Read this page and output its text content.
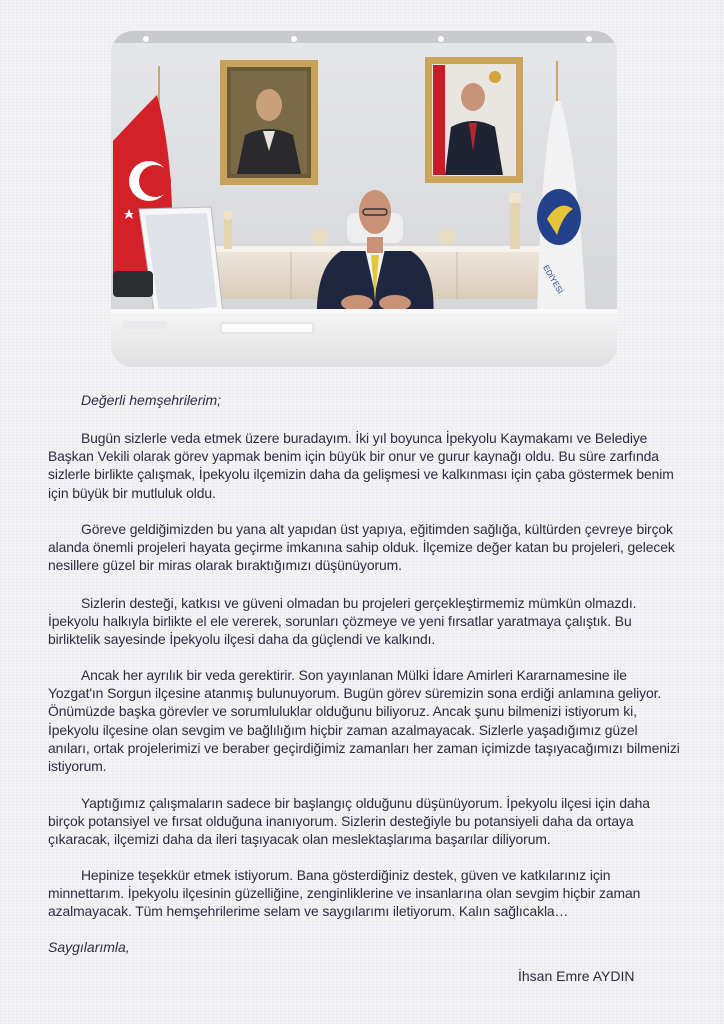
EDİYESİ
Değerli hemşehrilerim;

Bugün sizlerle veda etmek üzere buradayım. İki yıl boyunca İpekyolu Kaymakamı ve Belediye Başkan Vekili olarak görev yapmak benim için büyük bir onur ve gurur kaynağı oldu. Bu süre zarfında sizlerle birlikte çalışmak, İpekyolu ilçemizin daha da gelişmesi ve kalkınması için çaba göstermek benim için büyük bir mutluluk oldu.

Göreve geldiğimizden bu yana alt yapıdan üst yapıya, eğitimden sağlığa, kültürden çevreye birçok alanda önemli projeleri hayata geçirme imkanına sahip olduk. İlçemize değer katan bu projeleri, gelecek nesillere güzel bir miras olarak bıraktığımızı düşünüyorum.

Sizlerin desteği, katkısı ve güveni olmadan bu projeleri gerçekleştirmemiz mümkün olmazdı. İpekyolu halkıyla birlikte el ele vererek, sorunları çözmeye ve yeni fırsatlar yaratmaya çalıştık. Bu birliktelik sayesinde İpekyolu ilçesi daha da güçlendi ve kalkındı.

Ancak her ayrılık bir veda gerektirir. Son yayınlanan Mülki İdare Amirleri Kararnamesine ile Yozgat'ın Sorgun ilçesine atanmış bulunuyorum. Bugün görev süremizin sona erdiği anlamına geliyor. Önümüzde başka görevler ve sorumluluklar olduğunu biliyoruz. Ancak şunu bilmenizi istiyorum ki, İpekyolu ilçesine olan sevgim ve bağlılığım hiçbir zaman azalmayacak. Sizlerle yaşadığımız güzel anıları, ortak projelerimizi ve beraber geçirdiğimiz zamanları her zaman içimizde taşıyacağımızı bilmenizi istiyorum.

Yaptığımız çalışmaların sadece bir başlangıç olduğunu düşünüyorum. İpekyolu ilçesi için daha birçok potansiyel ve fırsat olduğuna inanıyorum. Sizlerin desteğiyle bu potansiyeli daha da ortaya çıkaracak, ilçemizi daha da ileri taşıyacak olan meslektaşlarıma başarılar diliyorum.

Hepinize teşekkür etmek istiyorum. Bana gösterdiğiniz destek, güven ve katkılarınız için minnettarım. İpekyolu ilçesinin güzelliğine, zenginliklerine ve insanlarına olan sevgim hiçbir zaman azalmayacak. Tüm hemşehrilerime selam ve saygılarımı iletiyorum. Kalın sağlıcakla…

Saygılarımla,
İhsan Emre AYDIN
